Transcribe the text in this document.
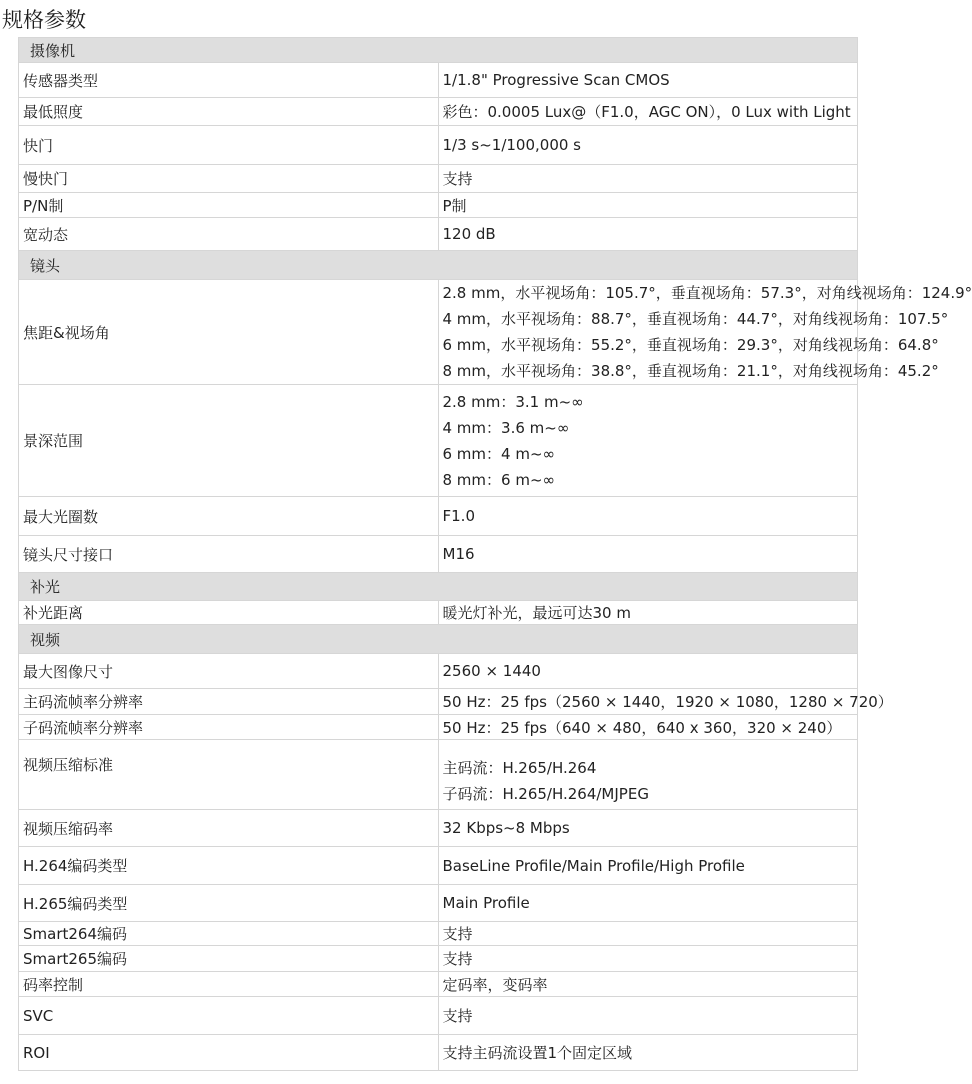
规格参数
摄像机	
传感器类型	1/1.8" Progressive Scan CMOS
最低照度	彩色：0.0005 Lux@（F1.0，AGC ON），0 Lux with Light
快门	1/3 s~1/100,000 s
慢快门	支持
P/N制	P制
宽动态	120 dB
镜头	
焦距&视场角	2.8 mm，水平视场角：105.7°，垂直视场角：57.3°，对角线视场角：124.9°
4 mm，水平视场角：88.7°，垂直视场角：44.7°，对角线视场角：107.5°
6 mm，水平视场角：55.2°，垂直视场角：29.3°，对角线视场角：64.8°
8 mm，水平视场角：38.8°，垂直视场角：21.1°，对角线视场角：45.2°

景深范围	2.8 mm：3.1 m~∞
4 mm：3.6 m~∞
6 mm：4 m~∞
8 mm：6 m~∞

最大光圈数	F1.0
镜头尺寸接口	M16
补光	
补光距离	暖光灯补光，最远可达30 m
视频	
最大图像尺寸	2560 × 1440
主码流帧率分辨率	50 Hz：25 fps（2560 × 1440，1920 × 1080，1280 × 720）
子码流帧率分辨率	50 Hz：25 fps（640 × 480，640 x 360，320 × 240）
视频压缩标准	主码流：H.265/H.264
子码流：H.265/H.264/MJPEG

视频压缩码率	32 Kbps~8 Mbps
H.264编码类型	BaseLine Profile/Main Profile/High Profile
H.265编码类型	Main Profile
Smart264编码	支持
Smart265编码	支持
码率控制	定码率，变码率
SVC	支持
ROI	支持主码流设置1个固定区域
